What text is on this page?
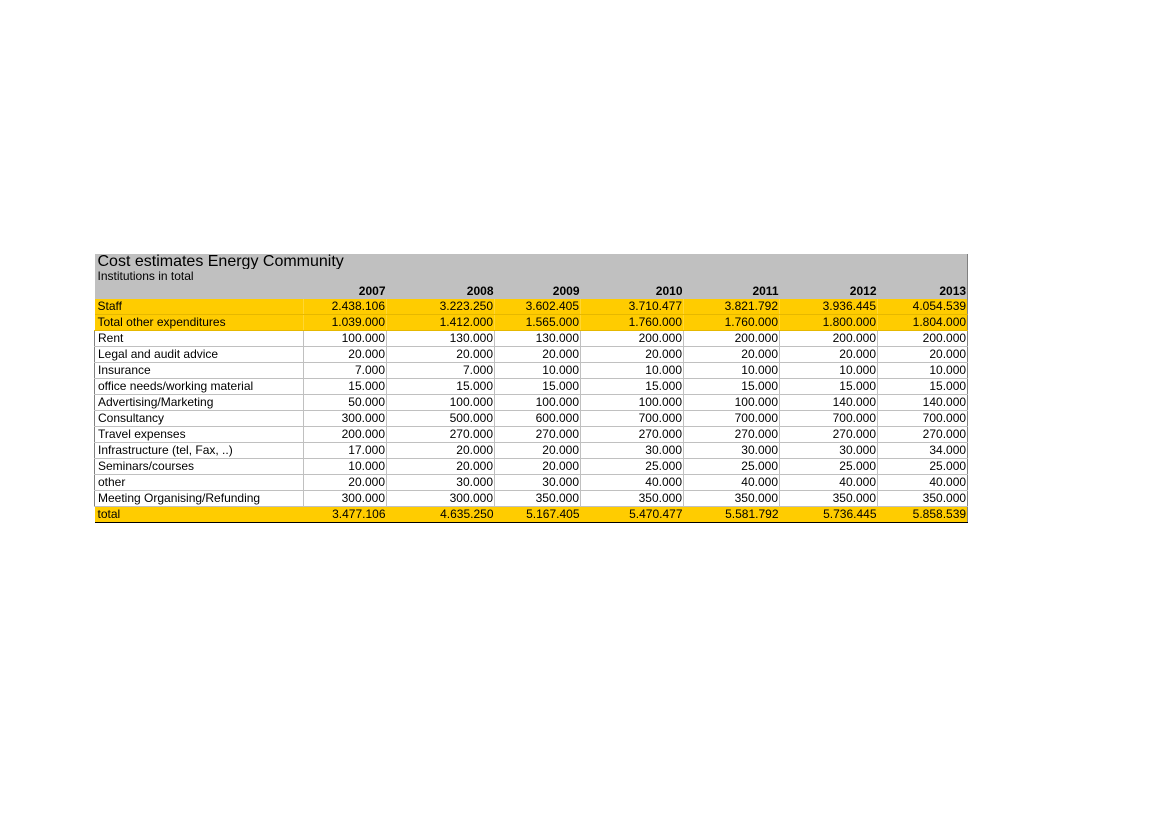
Cost estimates Energy Community							
Institutions in total							
	2007	2008	2009	2010	2011	2012	2013
Staff	2.438.106	3.223.250	3.602.405	3.710.477	3.821.792	3.936.445	4.054.539
Total other expenditures	1.039.000	1.412.000	1.565.000	1.760.000	1.760.000	1.800.000	1.804.000
Rent	100.000	130.000	130.000	200.000	200.000	200.000	200.000
Legal and audit advice	20.000	20.000	20.000	20.000	20.000	20.000	20.000
Insurance	7.000	7.000	10.000	10.000	10.000	10.000	10.000
office needs/working material	15.000	15.000	15.000	15.000	15.000	15.000	15.000
Advertising/Marketing	50.000	100.000	100.000	100.000	100.000	140.000	140.000
Consultancy	300.000	500.000	600.000	700.000	700.000	700.000	700.000
Travel expenses	200.000	270.000	270.000	270.000	270.000	270.000	270.000
Infrastructure (tel, Fax, ..)	17.000	20.000	20.000	30.000	30.000	30.000	34.000
Seminars/courses	10.000	20.000	20.000	25.000	25.000	25.000	25.000
other	20.000	30.000	30.000	40.000	40.000	40.000	40.000
Meeting Organising/Refunding	300.000	300.000	350.000	350.000	350.000	350.000	350.000
total	3.477.106	4.635.250	5.167.405	5.470.477	5.581.792	5.736.445	5.858.539
